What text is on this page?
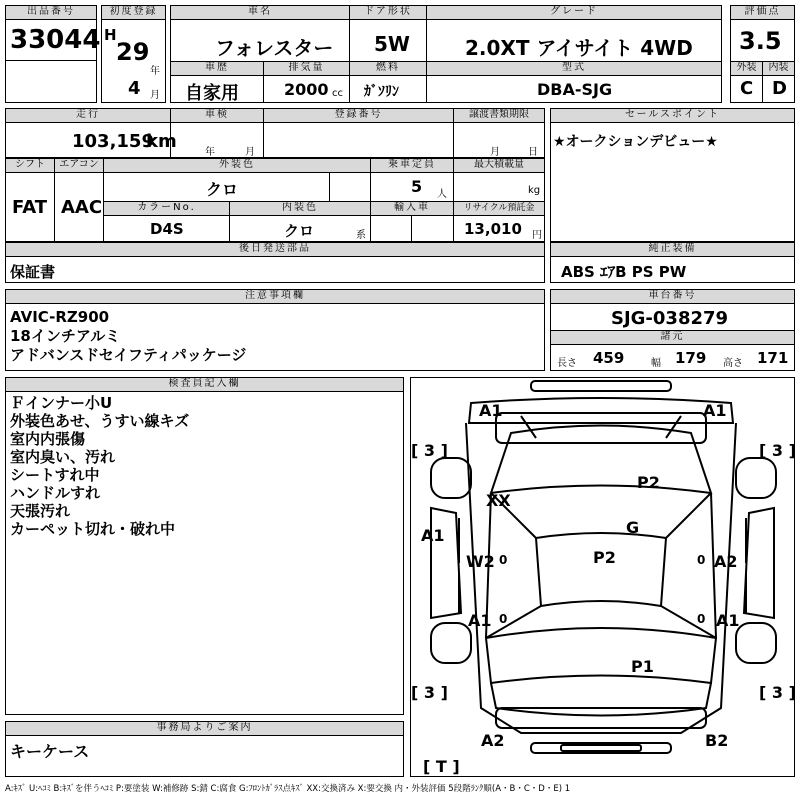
出品番号
33044
初度登録
H
29
年
4 月
車名
フォレスター
ドア形状
5W
グレード
2.0XT アイサイト 4WD
車歴
自家用
排気量
2000 cc
燃料
ｶﾞｿﾘﾝ
型式
DBA-SJG
評価点
3.5
外装	内装
C D
走行
103,159
km
車検
年	月
登録番号	譲渡書類期限
月	日
セールスポイント
★オークションデビュー★
シフト
FAT
エアコン
AAC
外装色
クロ
乗車定員
5 人
最大積載量
kg
カラーNo.
D4S
内装色
クロ	系
輸入車	リサイクル預託金
13,010 円
後日発送部品
保証書
純正装備
ABS ｴｱB PS PW
注意事項欄
AVIC-RZ900
18インチアルミ
アドバンスドセイフティパッケージ
車台番号
SJG-038279
諸元
長さ 459	幅 179 高さ 171
検査員記入欄
Ｆインナー小U
外装色あせ、うすい線キズ
室内内張傷
室内臭い、汚れ
シートすれ中
ハンドルすれ
天張汚れ
カーペット切れ・破れ中
事務局よりご案内
キーケース
A1	A1
[ 3 ]	[ 3 ]
XX
P2
G
A1
W2	P2	A2
A1	A1
P1
[ 3 ]	[ 3 ]
A2	B2
[ T ]
0	0
0	0
A:ｷｽﾞ U:ﾍｺﾐ B:ｷｽﾞを伴うﾍｺﾐ P:要塗装 W:補修跡 S:錆 C:腐食 G:ﾌﾛﾝﾄｶﾞﾗｽ点ｷｽﾞ XX:交換済み X:要交換 内・外装評価 5段階ﾗﾝｸ順(A・B・C・D・E) 1
